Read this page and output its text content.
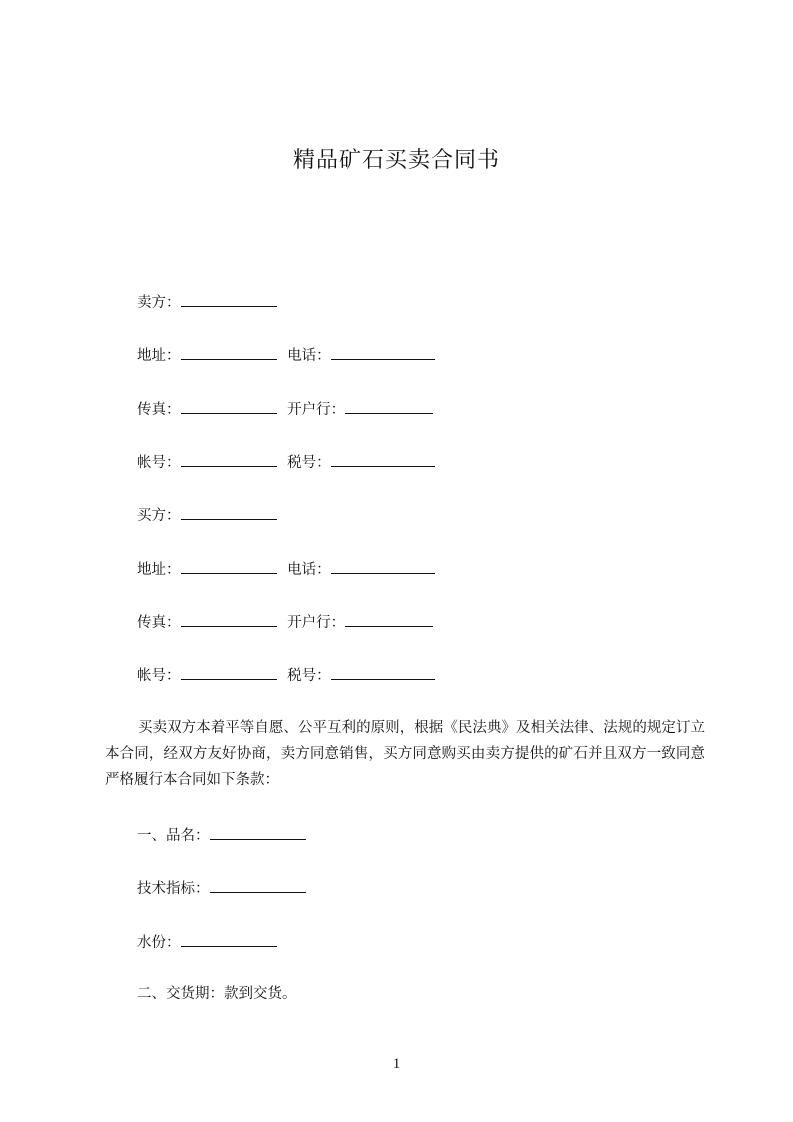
精品矿石买卖合同书
卖方：
地址：	电话：
传真：	开户行：
帐号：	税号：
买方：
地址：	电话：
传真：	开户行：
帐号：	税号：

买卖双方本着平等自愿、公平互利的原则，根据《民法典》及相关法律、法规的规定订立本合同，经双方友好协商，卖方同意销售，买方同意购买由卖方提供的矿石并且双方一致同意严格履行本合同如下条款：

一、品名：
技术指标：
水份：
二、交货期：款到交货。
1
